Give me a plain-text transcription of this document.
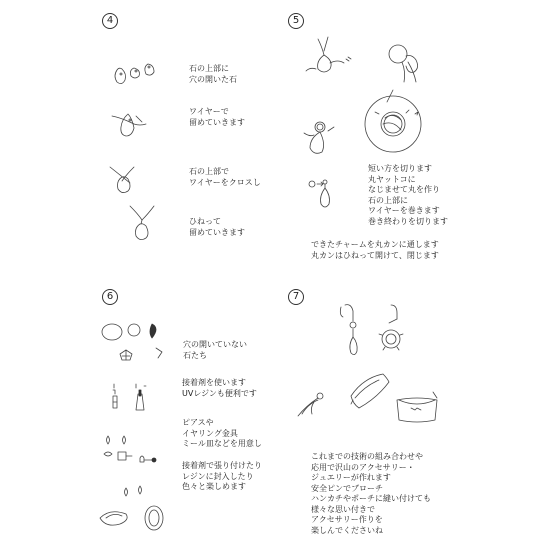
4	5
6	7
石の上部に
穴の開いた石
ワイヤーで
留めていきます
石の上部で
ワイヤーをクロスし
ひねって
留めていきます
短い方を切ります
丸ヤットコに
なじませて丸を作り
石の上部に
ワイヤーを巻きます
巻き終わりを切ります
できたチャームを丸カンに通します
丸カンはひねって開けて、閉じます
穴の開いていない
石たち
接着剤を使います
UVレジンも便利です
ピアスや
イヤリング金具
ミール皿などを用意し
接着剤で張り付けたり
レジンに封入したり
色々と楽しめます
これまでの技術の組み合わせや
応用で沢山のアクセサリー・
ジュエリーが作れます
安全ピンでブローチ
ハンカチやポーチに縫い付けても
様々な思い付きで
アクセサリー作りを
楽しんでくださいね
